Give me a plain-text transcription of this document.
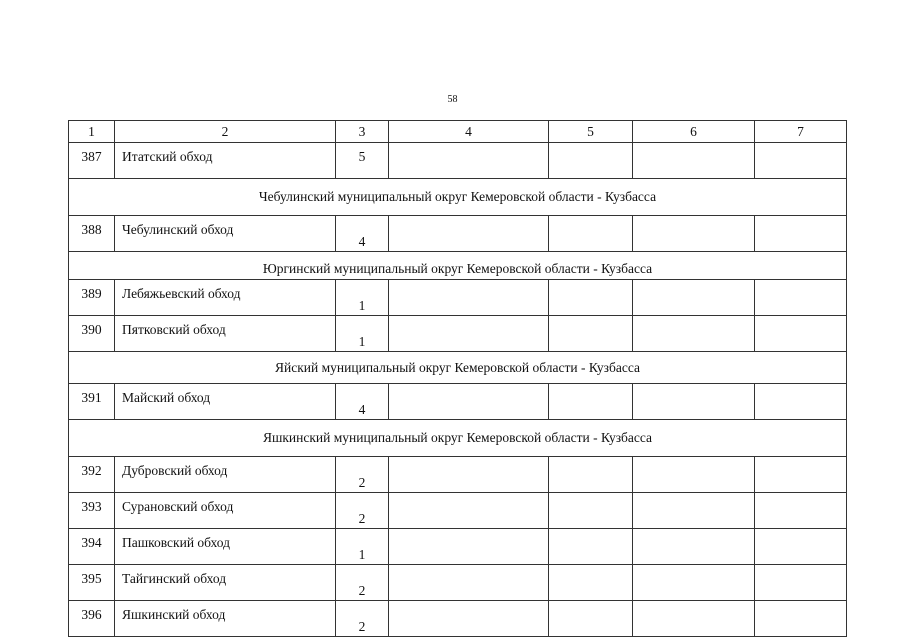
58
1	2	3	4	5	6	7
387	Итатский обход	5				
Чебулинский муниципальный округ Кемеровской области - Кузбасса						
388	Чебулинский обход	4				
Юргинский муниципальный округ Кемеровской области - Кузбасса						
389	Лебяжьевский обход	1				
390	Пятковский обход	1				
Яйский муниципальный округ Кемеровской области - Кузбасса						
391	Майский обход	4				
Яшкинский муниципальный округ Кемеровской области - Кузбасса						
392	Дубровский обход	2				
393	Сурановский обход	2				
394	Пашковский обход	1				
395	Тайгинский обход	2				
396	Яшкинский обход	2				
